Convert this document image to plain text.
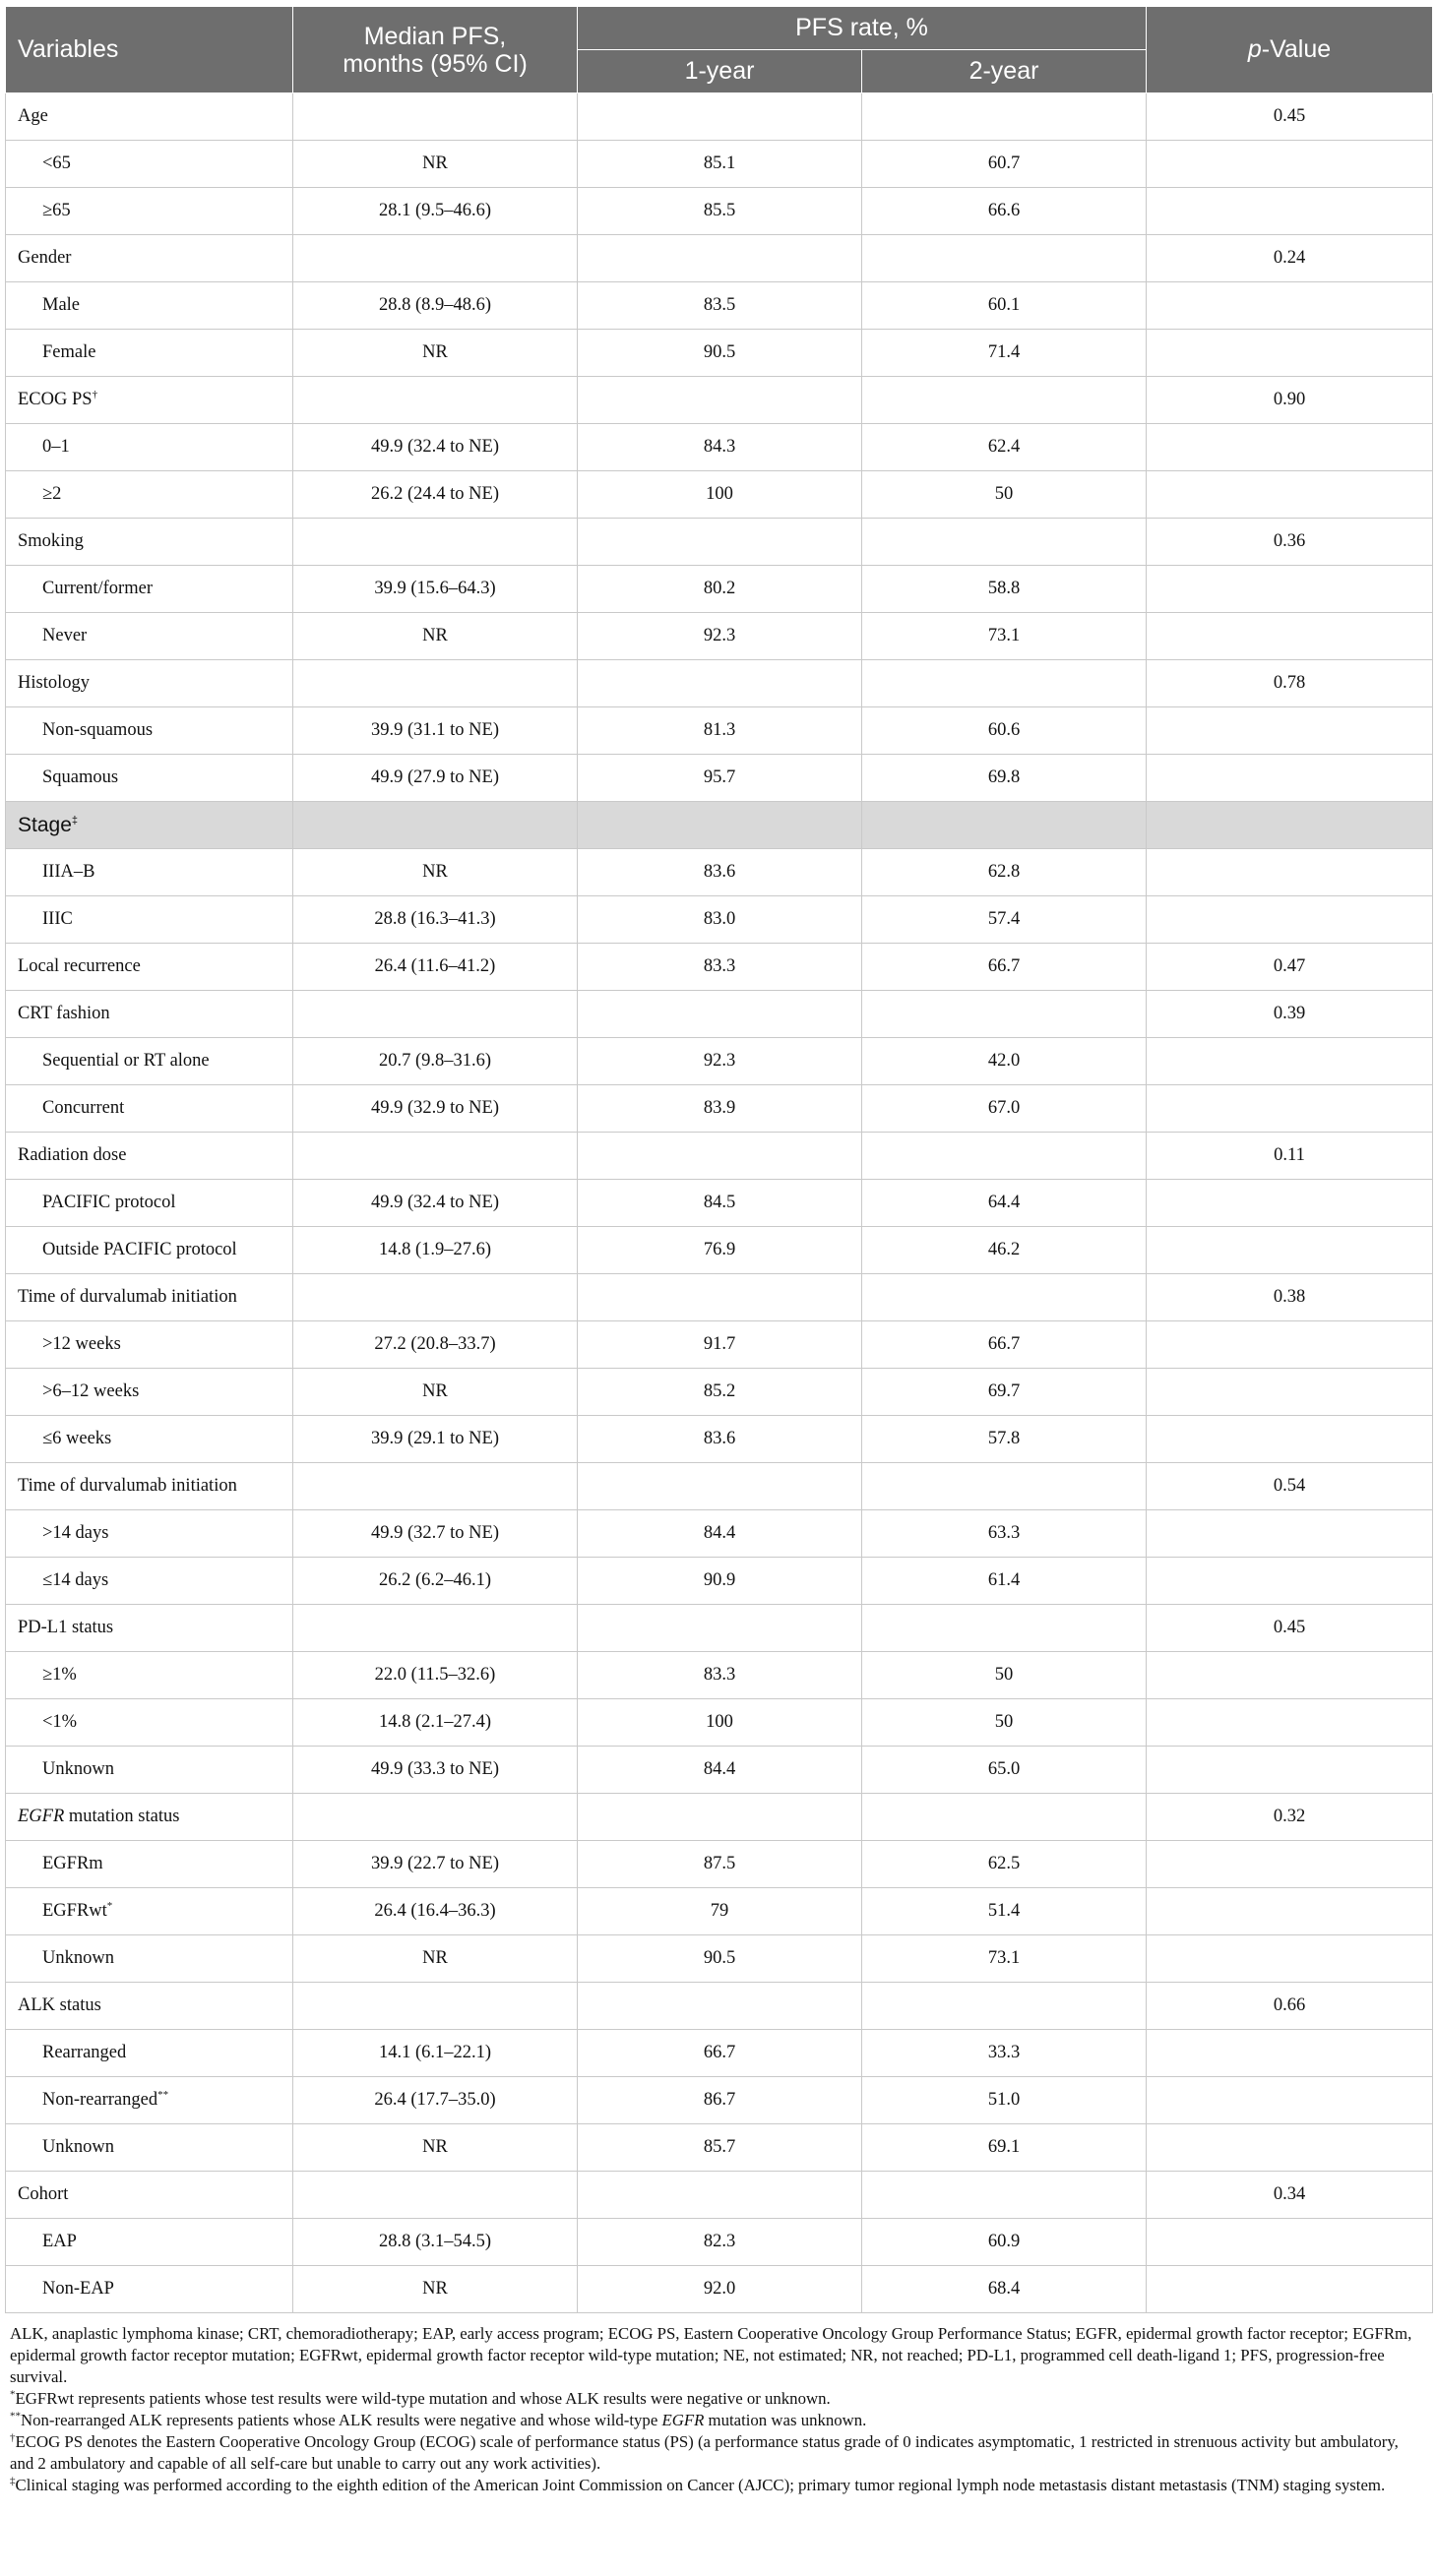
Variables	Median PFS, months (95% CI)	PFS rate, %		p-Value
		1-year	2-year	
Age				0.45
<65	NR	85.1	60.7	
≥65	28.1 (9.5–46.6)	85.5	66.6	
Gender				0.24
Male	28.8 (8.9–48.6)	83.5	60.1	
Female	NR	90.5	71.4	
ECOG PS†				0.90
0–1	49.9 (32.4 to NE)	84.3	62.4	
≥2	26.2 (24.4 to NE)	100	50	
Smoking				0.36
Current/former	39.9 (15.6–64.3)	80.2	58.8	
Never	NR	92.3	73.1	
Histology				0.78
Non-squamous	39.9 (31.1 to NE)	81.3	60.6	
Squamous	49.9 (27.9 to NE)	95.7	69.8	
Stage‡				
IIIA–B	NR	83.6	62.8	
IIIC	28.8 (16.3–41.3)	83.0	57.4	
Local recurrence	26.4 (11.6–41.2)	83.3	66.7	0.47
CRT fashion				0.39
Sequential or RT alone	20.7 (9.8–31.6)	92.3	42.0	
Concurrent	49.9 (32.9 to NE)	83.9	67.0	
Radiation dose				0.11
PACIFIC protocol	49.9 (32.4 to NE)	84.5	64.4	
Outside PACIFIC protocol	14.8 (1.9–27.6)	76.9	46.2	
Time of durvalumab initiation				0.38
>12 weeks	27.2 (20.8–33.7)	91.7	66.7	
>6–12 weeks	NR	85.2	69.7	
≤6 weeks	39.9 (29.1 to NE)	83.6	57.8	
Time of durvalumab initiation				0.54
>14 days	49.9 (32.7 to NE)	84.4	63.3	
≤14 days	26.2 (6.2–46.1)	90.9	61.4	
PD-L1 status				0.45
≥1%	22.0 (11.5–32.6)	83.3	50	
<1%	14.8 (2.1–27.4)	100	50	
Unknown	49.9 (33.3 to NE)	84.4	65.0	
EGFR mutation status				0.32
EGFRm	39.9 (22.7 to NE)	87.5	62.5	
EGFRwt*	26.4 (16.4–36.3)	79	51.4	
Unknown	NR	90.5	73.1	
ALK status				0.66
Rearranged	14.1 (6.1–22.1)	66.7	33.3	
Non-rearranged**	26.4 (17.7–35.0)	86.7	51.0	
Unknown	NR	85.7	69.1	
Cohort				0.34
EAP	28.8 (3.1–54.5)	82.3	60.9	
Non-EAP	NR	92.0	68.4	

ALK, anaplastic lymphoma kinase; CRT, chemoradiotherapy; EAP, early access program; ECOG PS, Eastern Cooperative Oncology Group Performance Status; EGFR, epidermal growth factor receptor; EGFRm, epidermal growth factor receptor mutation; EGFRwt, epidermal growth factor receptor wild-type mutation; NE, not estimated; NR, not reached; PD-L1, programmed cell death-ligand 1; PFS, progression-free survival.

*EGFRwt represents patients whose test results were wild-type mutation and whose ALK results were negative or unknown.

**Non-rearranged ALK represents patients whose ALK results were negative and whose wild-type EGFR mutation was unknown.

†ECOG PS denotes the Eastern Cooperative Oncology Group (ECOG) scale of performance status (PS) (a performance status grade of 0 indicates asymptomatic, 1 restricted in strenuous activity but ambulatory, and 2 ambulatory and capable of all self-care but unable to carry out any work activities).

‡Clinical staging was performed according to the eighth edition of the American Joint Commission on Cancer (AJCC); primary tumor regional lymph node metastasis distant metastasis (TNM) staging system.
